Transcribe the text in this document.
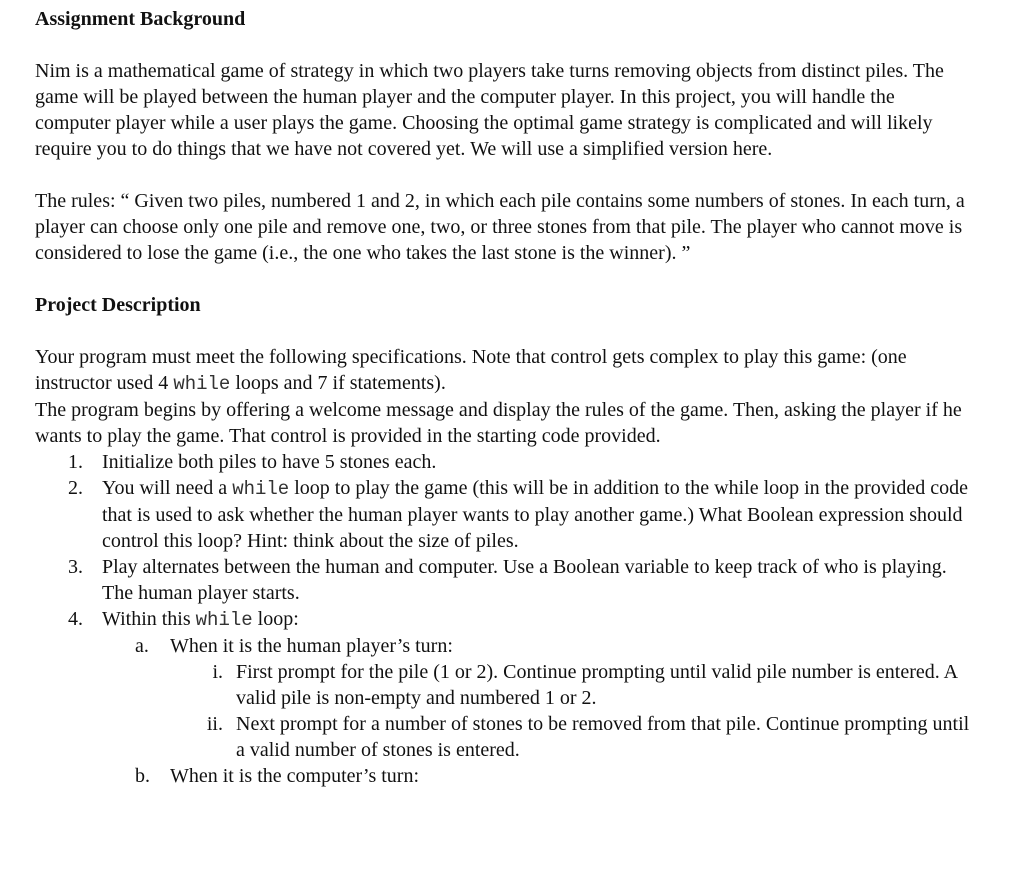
Assignment Background

Nim is a mathematical game of strategy in which two players take turns removing objects from distinct piles. The game will be played between the human player and the computer player. In this project, you will handle the computer player while a user plays the game. Choosing the optimal game strategy is complicated and will likely require you to do things that we have not covered yet. We will use a simplified version here.

The rules: “ Given two piles, numbered 1 and 2, in which each pile contains some numbers of stones. In each turn, a player can choose only one pile and remove one, two, or three stones from that pile. The player who cannot move is considered to lose the game (i.e., the one who takes the last stone is the winner). ”

Project Description

Your program must meet the following specifications. Note that control gets complex to play this game: (one instructor used 4 while loops and 7 if statements).

The program begins by offering a welcome message and display the rules of the game. Then, asking the player if he wants to play the game. That control is provided in the starting code provided.

1. Initialize both piles to have 5 stones each.
2. You will need a while loop to play the game (this will be in addition to the while loop in the provided code that is used to ask whether the human player wants to play another game.) What Boolean expression should control this loop? Hint: think about the size of piles.
3. Play alternates between the human and computer. Use a Boolean variable to keep track of who is playing. The human player starts.
4. Within this while loop:
a. When it is the human player’s turn:
i. First prompt for the pile (1 or 2). Continue prompting until valid pile number is entered. A valid pile is non-empty and numbered 1 or 2.
ii. Next prompt for a number of stones to be removed from that pile. Continue prompting until a valid number of stones is entered.
b. When it is the computer’s turn:
